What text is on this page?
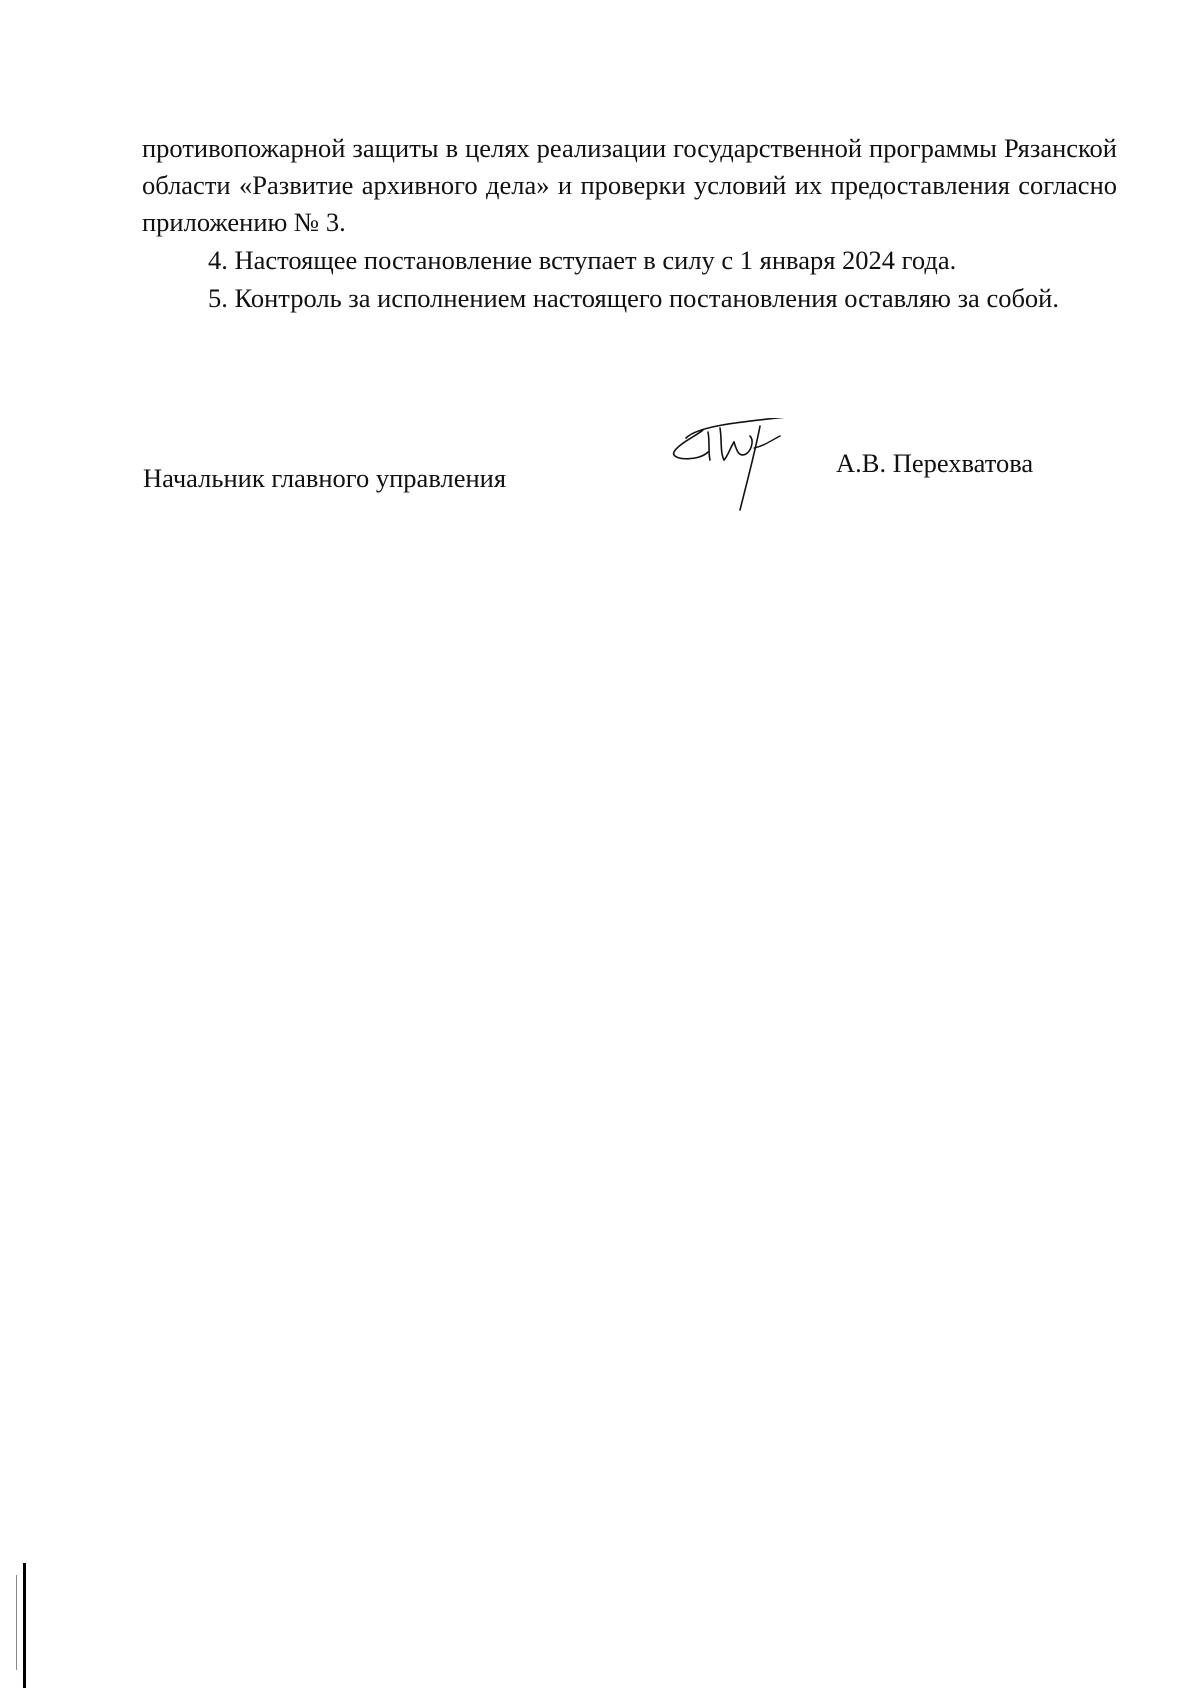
противопожарной защиты в целях реализации государственной программы Рязанской области «Развитие архивного дела» и проверки условий их предоставления согласно приложению № 3.

4. Настоящее постановление вступает в силу с 1 января 2024 года.

5. Контроль за исполнением настоящего постановления оставляю за собой.

Начальник главного управления	А.В. Перехватова
